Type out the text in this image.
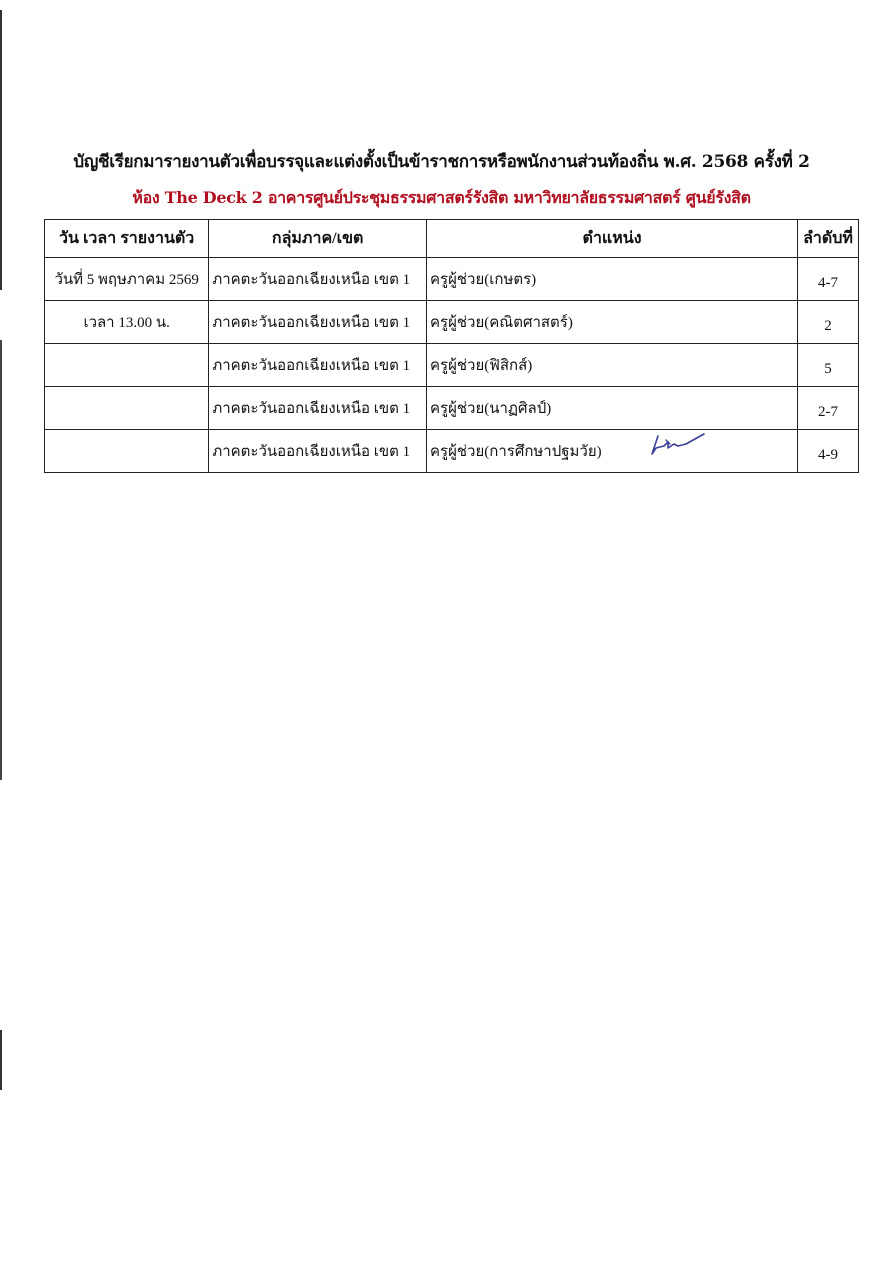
บัญชีเรียกมารายงานตัวเพื่อบรรจุและแต่งตั้งเป็นข้าราชการหรือพนักงานส่วนท้องถิ่น พ.ศ. 2568 ครั้งที่ 2
ห้อง The Deck 2 อาคารศูนย์ประชุมธรรมศาสตร์รังสิต มหาวิทยาลัยธรรมศาสตร์ ศูนย์รังสิต
วัน เวลา รายงานตัว	กลุ่มภาค/เขต	ตำแหน่ง	ลำดับที่
วันที่ 5 พฤษภาคม 2569	ภาคตะวันออกเฉียงเหนือ เขต 1	ครูผู้ช่วย(เกษตร)	4-7
เวลา 13.00 น.	ภาคตะวันออกเฉียงเหนือ เขต 1	ครูผู้ช่วย(คณิตศาสตร์)	2
	ภาคตะวันออกเฉียงเหนือ เขต 1	ครูผู้ช่วย(ฟิสิกส์)	5
	ภาคตะวันออกเฉียงเหนือ เขต 1	ครูผู้ช่วย(นาฏศิลป์)	2-7
	ภาคตะวันออกเฉียงเหนือ เขต 1	ครูผู้ช่วย(การศึกษาปฐมวัย)	4-9
